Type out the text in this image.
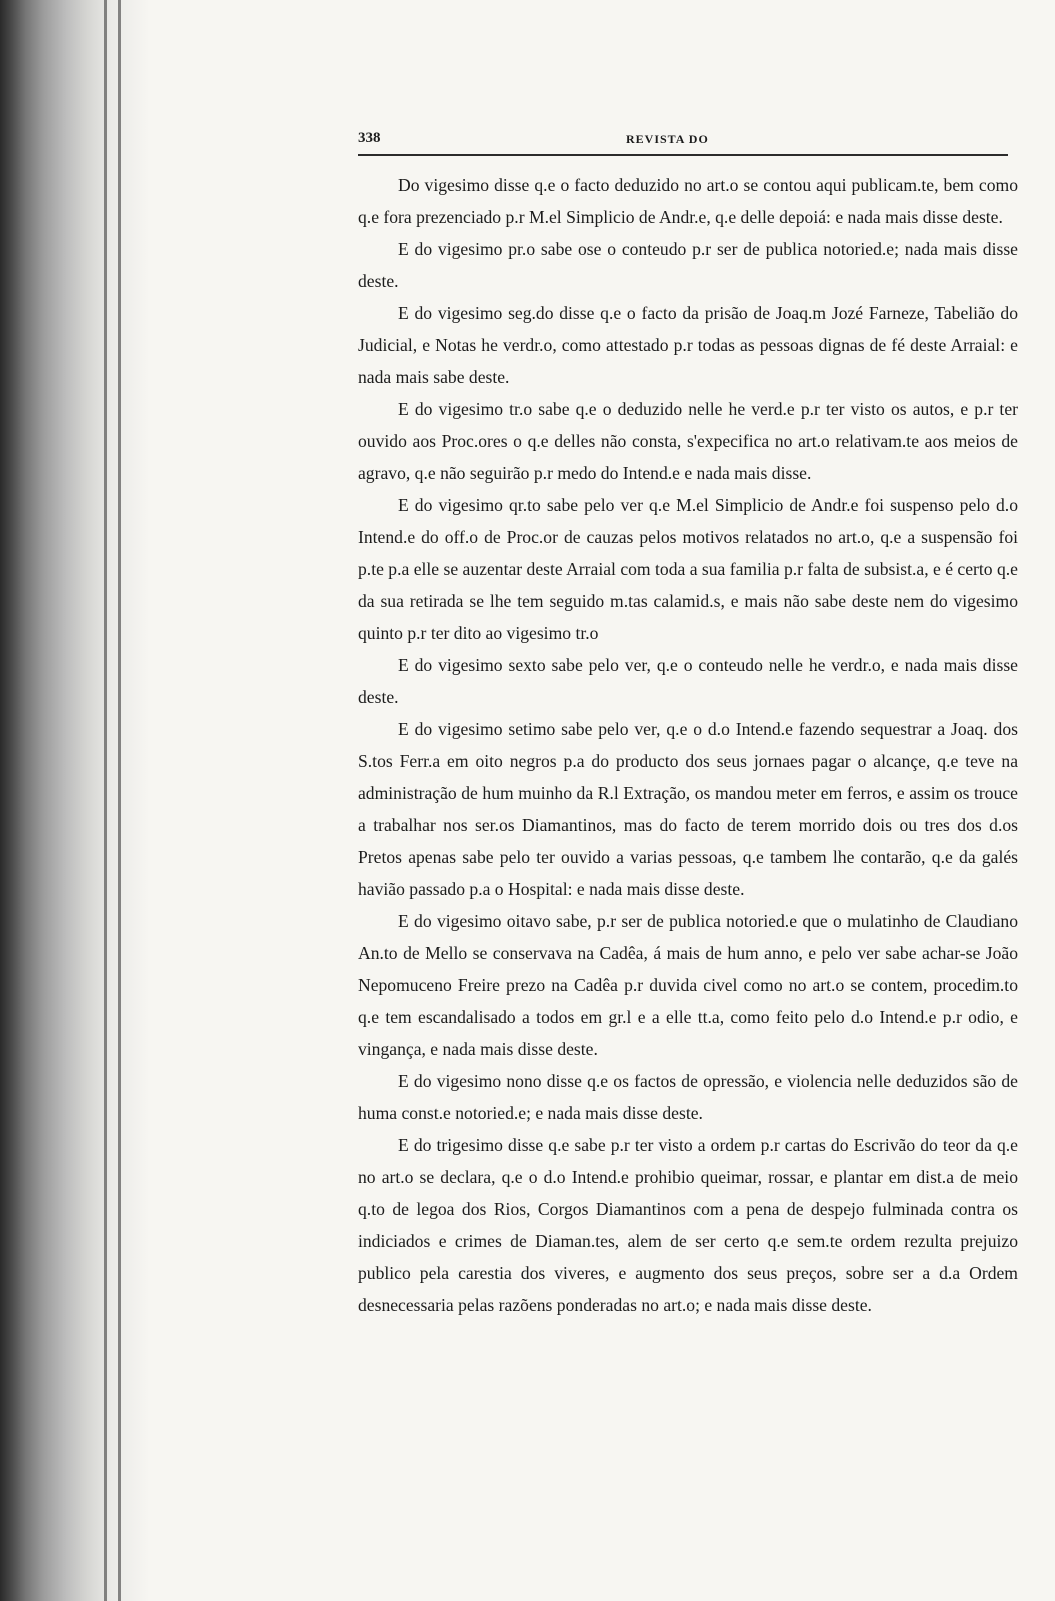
338	REVISTA DO

Do vigesimo disse q.e o facto deduzido no art.o se contou aqui publicam.te, bem como q.e fora prezenciado p.r M.el Simplicio de Andr.e, q.e delle depoiá: e nada mais disse deste.

E do vigesimo pr.o sabe ose o conteudo p.r ser de publica notoried.e; nada mais disse deste.

E do vigesimo seg.do disse q.e o facto da prisão de Joaq.m Jozé Farneze, Tabelião do Judicial, e Notas he verdr.o, como attestado p.r todas as pessoas dignas de fé deste Arraial: e nada mais sabe deste.

E do vigesimo tr.o sabe q.e o deduzido nelle he verd.e p.r ter visto os autos, e p.r ter ouvido aos Proc.ores o q.e delles não consta, s'expecifica no art.o relativam.te aos meios de agravo, q.e não seguirão p.r medo do Intend.e e nada mais disse.

E do vigesimo qr.to sabe pelo ver q.e M.el Simplicio de Andr.e foi suspenso pelo d.o Intend.e do off.o de Proc.or de cauzas pelos motivos relatados no art.o, q.e a suspensão foi p.te p.a elle se auzentar deste Arraial com toda a sua familia p.r falta de subsist.a, e é certo q.e da sua retirada se lhe tem seguido m.tas calamid.s, e mais não sabe deste nem do vigesimo quinto p.r ter dito ao vigesimo tr.o

E do vigesimo sexto sabe pelo ver, q.e o conteudo nelle he verdr.o, e nada mais disse deste.

E do vigesimo setimo sabe pelo ver, q.e o d.o Intend.e fazendo sequestrar a Joaq. dos S.tos Ferr.a em oito negros p.a do producto dos seus jornaes pagar o alcançe, q.e teve na administração de hum muinho da R.l Extração, os mandou meter em ferros, e assim os trouce a trabalhar nos ser.os Diamantinos, mas do facto de terem morrido dois ou tres dos d.os Pretos apenas sabe pelo ter ouvido a varias pessoas, q.e tambem lhe contarão, q.e da galés havião passado p.a o Hospital: e nada mais disse deste.

E do vigesimo oitavo sabe, p.r ser de publica notoried.e que o mulatinho de Claudiano An.to de Mello se conservava na Cadêa, á mais de hum anno, e pelo ver sabe achar-se João Nepomuceno Freire prezo na Cadêa p.r duvida civel como no art.o se contem, procedim.to q.e tem escandalisado a todos em gr.l e a elle tt.a, como feito pelo d.o Intend.e p.r odio, e vingança, e nada mais disse deste.

E do vigesimo nono disse q.e os factos de opressão, e violencia nelle deduzidos são de huma const.e notoried.e; e nada mais disse deste.

E do trigesimo disse q.e sabe p.r ter visto a ordem p.r cartas do Escrivão do teor da q.e no art.o se declara, q.e o d.o Intend.e prohibio queimar, rossar, e plantar em dist.a de meio q.to de legoa dos Rios, Corgos Diamantinos com a pena de despejo fulminada contra os indiciados e crimes de Diaman.tes, alem de ser certo q.e sem.te ordem rezulta prejuizo publico pela carestia dos viveres, e augmento dos seus preços, sobre ser a d.a Ordem desnecessaria pelas razõens ponderadas no art.o; e nada mais disse deste.
